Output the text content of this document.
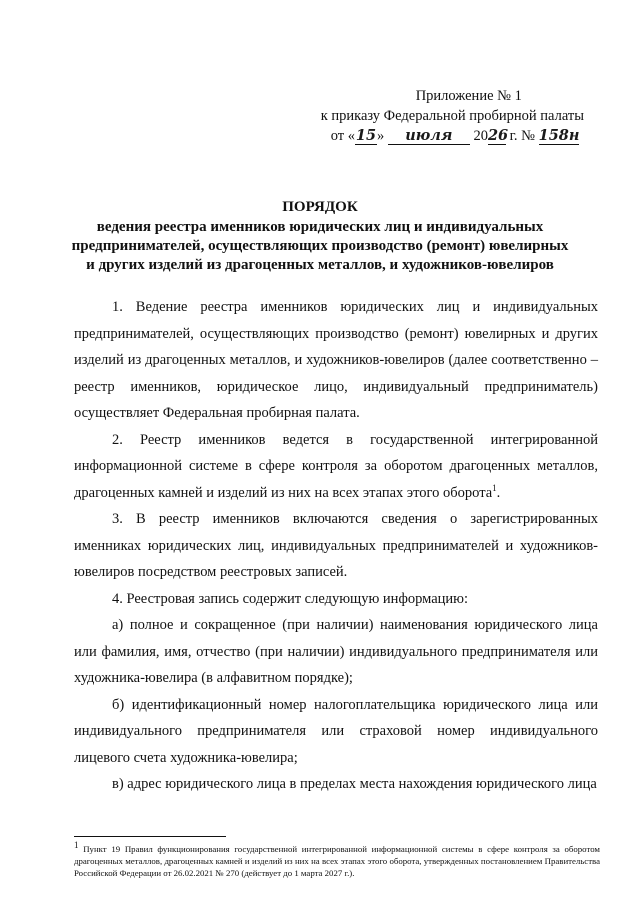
Приложение № 1
к приказу Федеральной пробирной палаты
от «15» июля 2026 г. № 158н
ПОРЯДОК
ведения реестра именников юридических лиц и индивидуальных
предпринимателей, осуществляющих производство (ремонт) ювелирных
и других изделий из драгоценных металлов, и художников-ювелиров

1. Ведение реестра именников юридических лиц и индивидуальных предпринимателей, осуществляющих производство (ремонт) ювелирных и других изделий из драгоценных металлов, и художников-ювелиров (далее соответственно – реестр именников, юридическое лицо, индивидуальный предприниматель) осуществляет Федеральная пробирная палата.

2. Реестр именников ведется в государственной интегрированной информационной системе в сфере контроля за оборотом драгоценных металлов, драгоценных камней и изделий из них на всех этапах этого оборота$^1$.

3. В реестр именников включаются сведения о зарегистрированных именниках юридических лиц, индивидуальных предпринимателей и художников-ювелиров посредством реестровых записей.

4. Реестровая запись содержит следующую информацию:

а) полное и сокращенное (при наличии) наименования юридического лица или фамилия, имя, отчество (при наличии) индивидуального предпринимателя или художника-ювелира (в алфавитном порядке);

б) идентификационный номер налогоплательщика юридического лица или индивидуального предпринимателя или страховой номер индивидуального лицевого счета художника-ювелира;

в) адрес юридического лица в пределах места нахождения юридического лица

$^1$ Пункт 19 Правил функционирования государственной интегрированной информационной системы в сфере контроля за оборотом драгоценных металлов, драгоценных камней и изделий из них на всех этапах этого оборота, утвержденных постановлением Правительства Российской Федерации от 26.02.2021 № 270 (действует до 1 марта 2027 г.).
